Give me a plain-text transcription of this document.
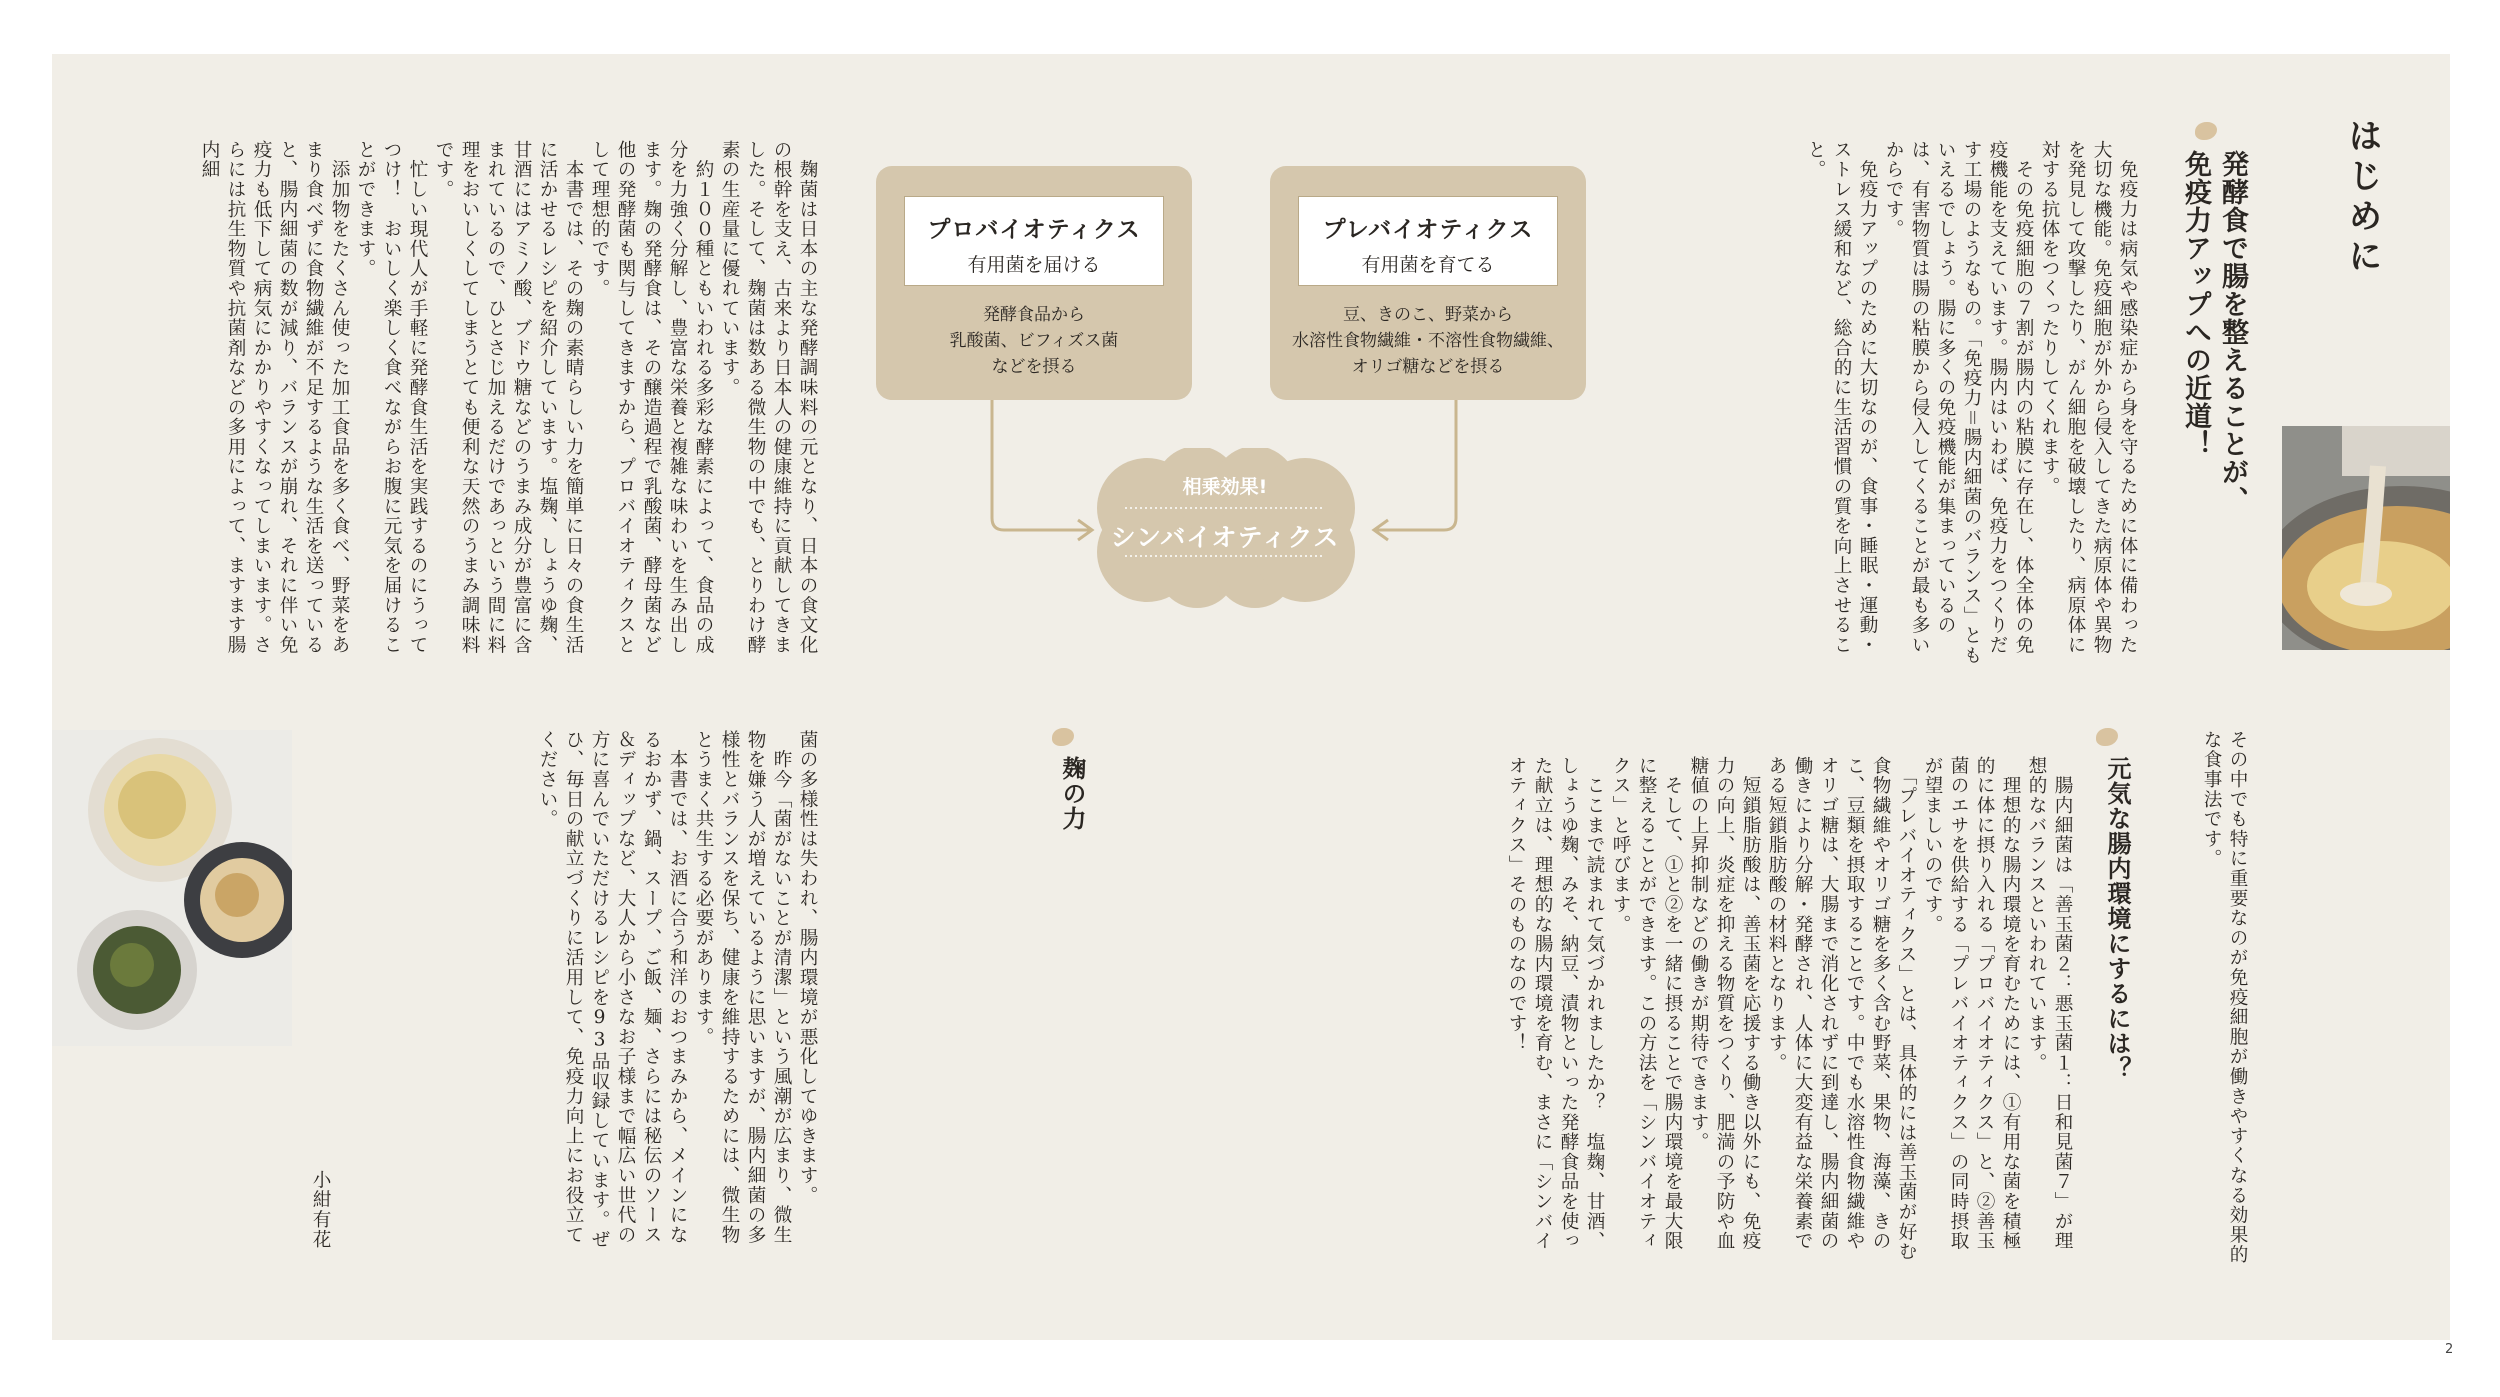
はじめに
発酵食で腸を整えることが、
免疫力アップへの近道！

　免疫力は病気や感染症から身を守るために体に備わった大切な機能。免疫細胞が外から侵入してきた病原体や異物を発見して攻撃したり、がん細胞を破壊したり、病原体に対する抗体をつくったりしてくれます。
　その免疫細胞の７割が腸内の粘膜に存在し、体全体の免疫機能を支えています。腸内はいわば、免疫力をつくりだす工場のようなもの。「免疫力＝腸内細菌のバランス」ともいえるでしょう。腸に多くの免疫機能が集まっているのは、有害物質は腸の粘膜から侵入してくることが最も多いからです。
　免疫力アップのために大切なのが、食事・睡眠・運動・ストレス緩和など、総合的に生活習慣の質を向上させること。

その中でも特に重要なのが免疫細胞が働きやすくなる効果的な食事法です。

元気な腸内環境にするには？

　腸内細菌は「善玉菌２：悪玉菌１：日和見菌７」が理想的なバランスといわれています。
　理想的な腸内環境を育むためには、①有用な菌を積極的に体に摂り入れる「プロバイオティクス」と、②善玉菌のエサを供給する「プレバイオティクス」の同時摂取が望ましいのです。
　「プレバイオティクス」とは、具体的には善玉菌が好む食物繊維やオリゴ糖を多く含む野菜、果物、海藻、きのこ、豆類を摂取することです。中でも水溶性食物繊維やオリゴ糖は、大腸まで消化されずに到達し、腸内細菌の働きにより分解・発酵され、人体に大変有益な栄養素である短鎖脂肪酸の材料となります。
　短鎖脂肪酸は、善玉菌を応援する働き以外にも、免疫力の向上、炎症を抑える物質をつくり、肥満の予防や血糖値の上昇抑制などの働きが期待できます。
　そして、①と②を一緒に摂ることで腸内環境を最大限に整えることができます。この方法を「シンバイオティクス」と呼びます。
　ここまで読まれて気づかれましたか？　塩麹、甘酒、しょうゆ麹、みそ、納豆、漬物といった発酵食品を使った献立は、理想的な腸内環境を育む、まさに「シンバイオティクス」そのものなのです！

麹の力

菌の多様性は失われ、腸内環境が悪化してゆきます。
　昨今「菌がないことが清潔」という風潮が広まり、微生物を嫌う人が増えているように思いますが、腸内細菌の多様性とバランスを保ち、健康を維持するためには、微生物とうまく共生する必要があります。
　本書では、お酒に合う和洋のおつまみから、メインになるおかず、鍋、スープ、ご飯、麺、さらには秘伝のソース＆ディップなど、大人から小さなお子様まで幅広い世代の方に喜んでいただけるレシピを93品収録しています。ぜひ、毎日の献立づくりに活用して、免疫力向上にお役立てください。

　麹菌は日本の主な発酵調味料の元となり、日本の食文化の根幹を支え、古来より日本人の健康維持に貢献してきました。そして、麹菌は数ある微生物の中でも、とりわけ酵素の生産量に優れています。
　約１００種ともいわれる多彩な酵素によって、食品の成分を力強く分解し、豊富な栄養と複雑な味わいを生み出します。麹の発酵食は、その醸造過程で乳酸菌、酵母菌など他の発酵菌も関与してきますから、プロバイオティクスとして理想的です。
　本書では、その麹の素晴らしい力を簡単に日々の食生活に活かせるレシピを紹介しています。塩麹、しょうゆ麹、甘酒にはアミノ酸、ブドウ糖などのうまみ成分が豊富に含まれているので、ひとさじ加えるだけであっという間に料理をおいしくしてしまうとても便利な天然のうまみ調味料です。
　忙しい現代人が手軽に発酵食生活を実践するのにうってつけ！　おいしく楽しく食べながらお腹に元気を届けることができます。
　添加物をたくさん使った加工食品を多く食べ、野菜をあまり食べずに食物繊維が不足するような生活を送っていると、腸内細菌の数が減り、バランスが崩れ、それに伴い免疫力も低下して病気にかかりやすくなってしまいます。さらには抗生物質や抗菌剤などの多用によって、ますます腸内細

小紺有花
プレバイオティクス
有用菌を育てる
豆、きのこ、野菜から
水溶性食物繊維・不溶性食物繊維、
オリゴ糖などを摂る
プロバイオティクス
有用菌を届ける
発酵食品から
乳酸菌、ビフィズス菌
などを摂る
相乗効果!
シンバイオティクス
2
